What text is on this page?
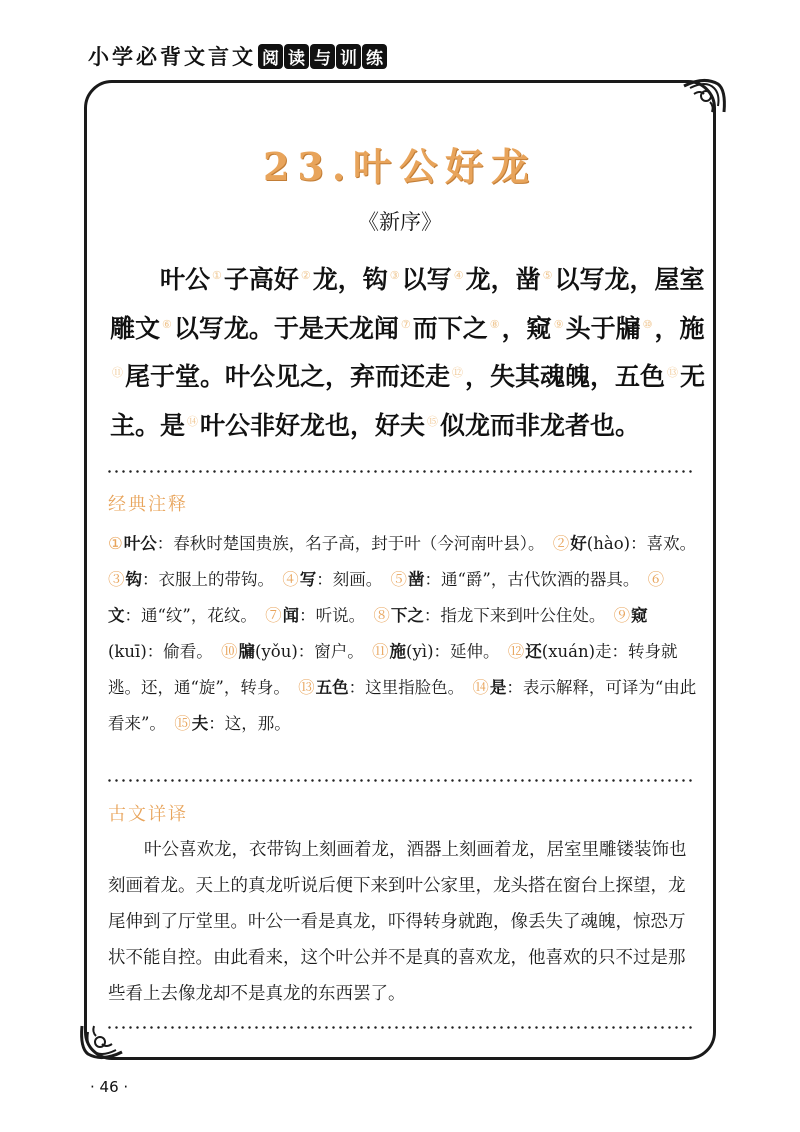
小学必背文言文 阅 读 与 训 练
23.叶公好龙
《新序》

叶公 ①子高好 ②龙，钩 ③以写 ④龙，凿 ⑤以写龙，屋室雕文 ⑥以写龙。于是天龙闻 ⑦而下之 ⑧，窥 ⑨头于牖 ⑩，施⑪尾于堂。叶公见之，弃而还走 ⑫，失其魂魄，五色 ⑬无主。是 ⑭叶公非好龙也，好夫 ⑮似龙而非龙者也。

经典注释

①叶公：春秋时楚国贵族，名子高，封于叶（今河南叶县）。　 ②好(hào)：喜欢。　③钩：衣服上的带钩。　 ④写：刻画。　 ⑤凿：通“爵”，古代饮酒的器具。　 ⑥文：通“纹”，花纹。　 ⑦闻：听说。　 ⑧下之：指龙下来到叶公住处。　 ⑨窥(kuī)：偷看。　 ⑩牖(yǒu)：窗户。　 ⑪施(yì)：延伸。　 ⑫还(xuán)走：转身就逃。还，通“旋”，转身。　 ⑬五色：这里指脸色。　 ⑭是：表示解释，可译为“由此看来”。　 ⑮夫：这，那。

古文详译

叶公喜欢龙，衣带钩上刻画着龙，酒器上刻画着龙，居室里雕镂装饰也刻画着龙。天上的真龙听说后便下来到叶公家里，龙头搭在窗台上探望，龙尾伸到了厅堂里。叶公一看是真龙，吓得转身就跑，像丢失了魂魄，惊恐万状不能自控。由此看来，这个叶公并不是真的喜欢龙，他喜欢的只不过是那些看上去像龙却不是真龙的东西罢了。

· 46 ·
